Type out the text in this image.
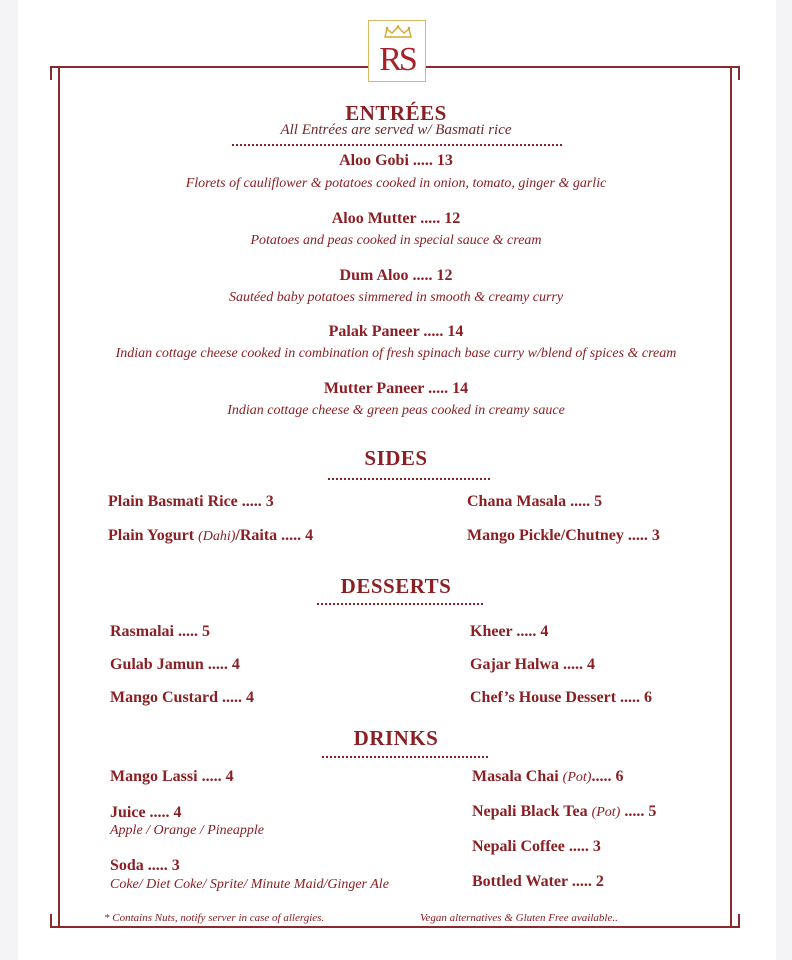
RS
ENTRÉES
All Entrées are served w/ Basmati rice
Aloo Gobi ..... 13
Florets of cauliflower & potatoes cooked in onion, tomato, ginger & garlic
Aloo Mutter ..... 12
Potatoes and peas cooked in special sauce & cream
Dum Aloo ..... 12
Sautéed baby potatoes simmered in smooth & creamy curry
Palak Paneer ..... 14
Indian cottage cheese cooked in combination of fresh spinach base curry w/blend of spices & cream
Mutter Paneer ..... 14
Indian cottage cheese & green peas cooked in creamy sauce
SIDES
Plain Basmati Rice ..... 3
Plain Yogurt (Dahi)/Raita ..... 4
Chana Masala ..... 5
Mango Pickle/Chutney ..... 3
DESSERTS
Rasmalai ..... 5
Gulab Jamun ..... 4
Mango Custard ..... 4
Kheer ..... 4
Gajar Halwa ..... 4
Chef’s House Dessert ..... 6
DRINKS
Mango Lassi ..... 4
Juice ..... 4
Apple / Orange / Pineapple
Soda ..... 3
Coke/ Diet Coke/ Sprite/ Minute Maid/Ginger Ale
Masala Chai (Pot)..... 6
Nepali Black Tea (Pot) ..... 5
Nepali Coffee ..... 3
Bottled Water ..... 2
* Contains Nuts, notify server in case of allergies.	Vegan alternatives & Gluten Free available..
